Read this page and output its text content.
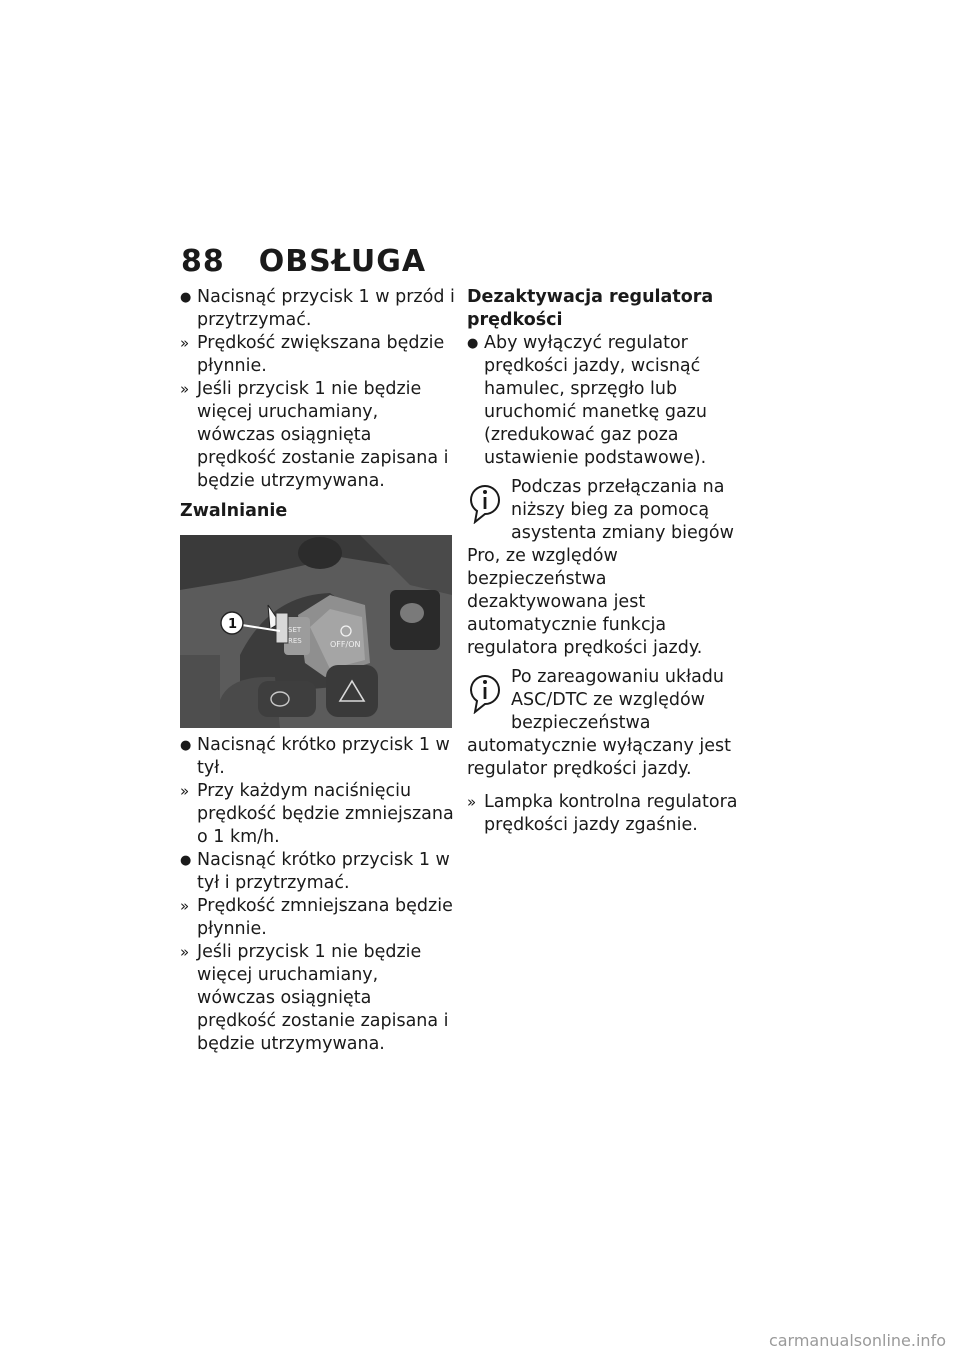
88 OBSŁUGA

● Nacisnąć przycisk 1 w przód i przytrzymać.

» Prędkość zwiększana będzie płynnie.

» Jeśli przycisk 1 nie będzie więcej uruchamiany, wówczas osiągnięta prędkość zostanie zapisana i będzie utrzymywana.

Zwalnianie

SET
RES	OFF/ON
1

● Nacisnąć krótko przycisk 1 w tył.

» Przy każdym naciśnięciu prędkość będzie zmniejszana o 1 km/h.

● Nacisnąć krótko przycisk 1 w tył i przytrzymać.

» Prędkość zmniejszana będzie płynnie.

» Jeśli przycisk 1 nie będzie więcej uruchamiany, wówczas osiągnięta prędkość zostanie zapisana i będzie utrzymywana.

Dezaktywacja regulatora prędkości

● Aby wyłączyć regulator prędkości jazdy, wcisnąć hamulec, sprzęgło lub uruchomić manetkę gazu (zredukować gaz poza ustawienie podstawowe).

Podczas przełączania na niższy bieg za pomocą asystenta zmiany biegów Pro, ze względów bezpieczeństwa dezaktywowana jest automatycznie funkcja regulatora prędkości jazdy.
Po zareagowaniu układu ASC/DTC ze względów bezpieczeństwa automatycznie wyłączany jest regulator prędkości jazdy.

» Lampka kontrolna regulatora prędkości jazdy zgaśnie.

carmanualsonline.info
